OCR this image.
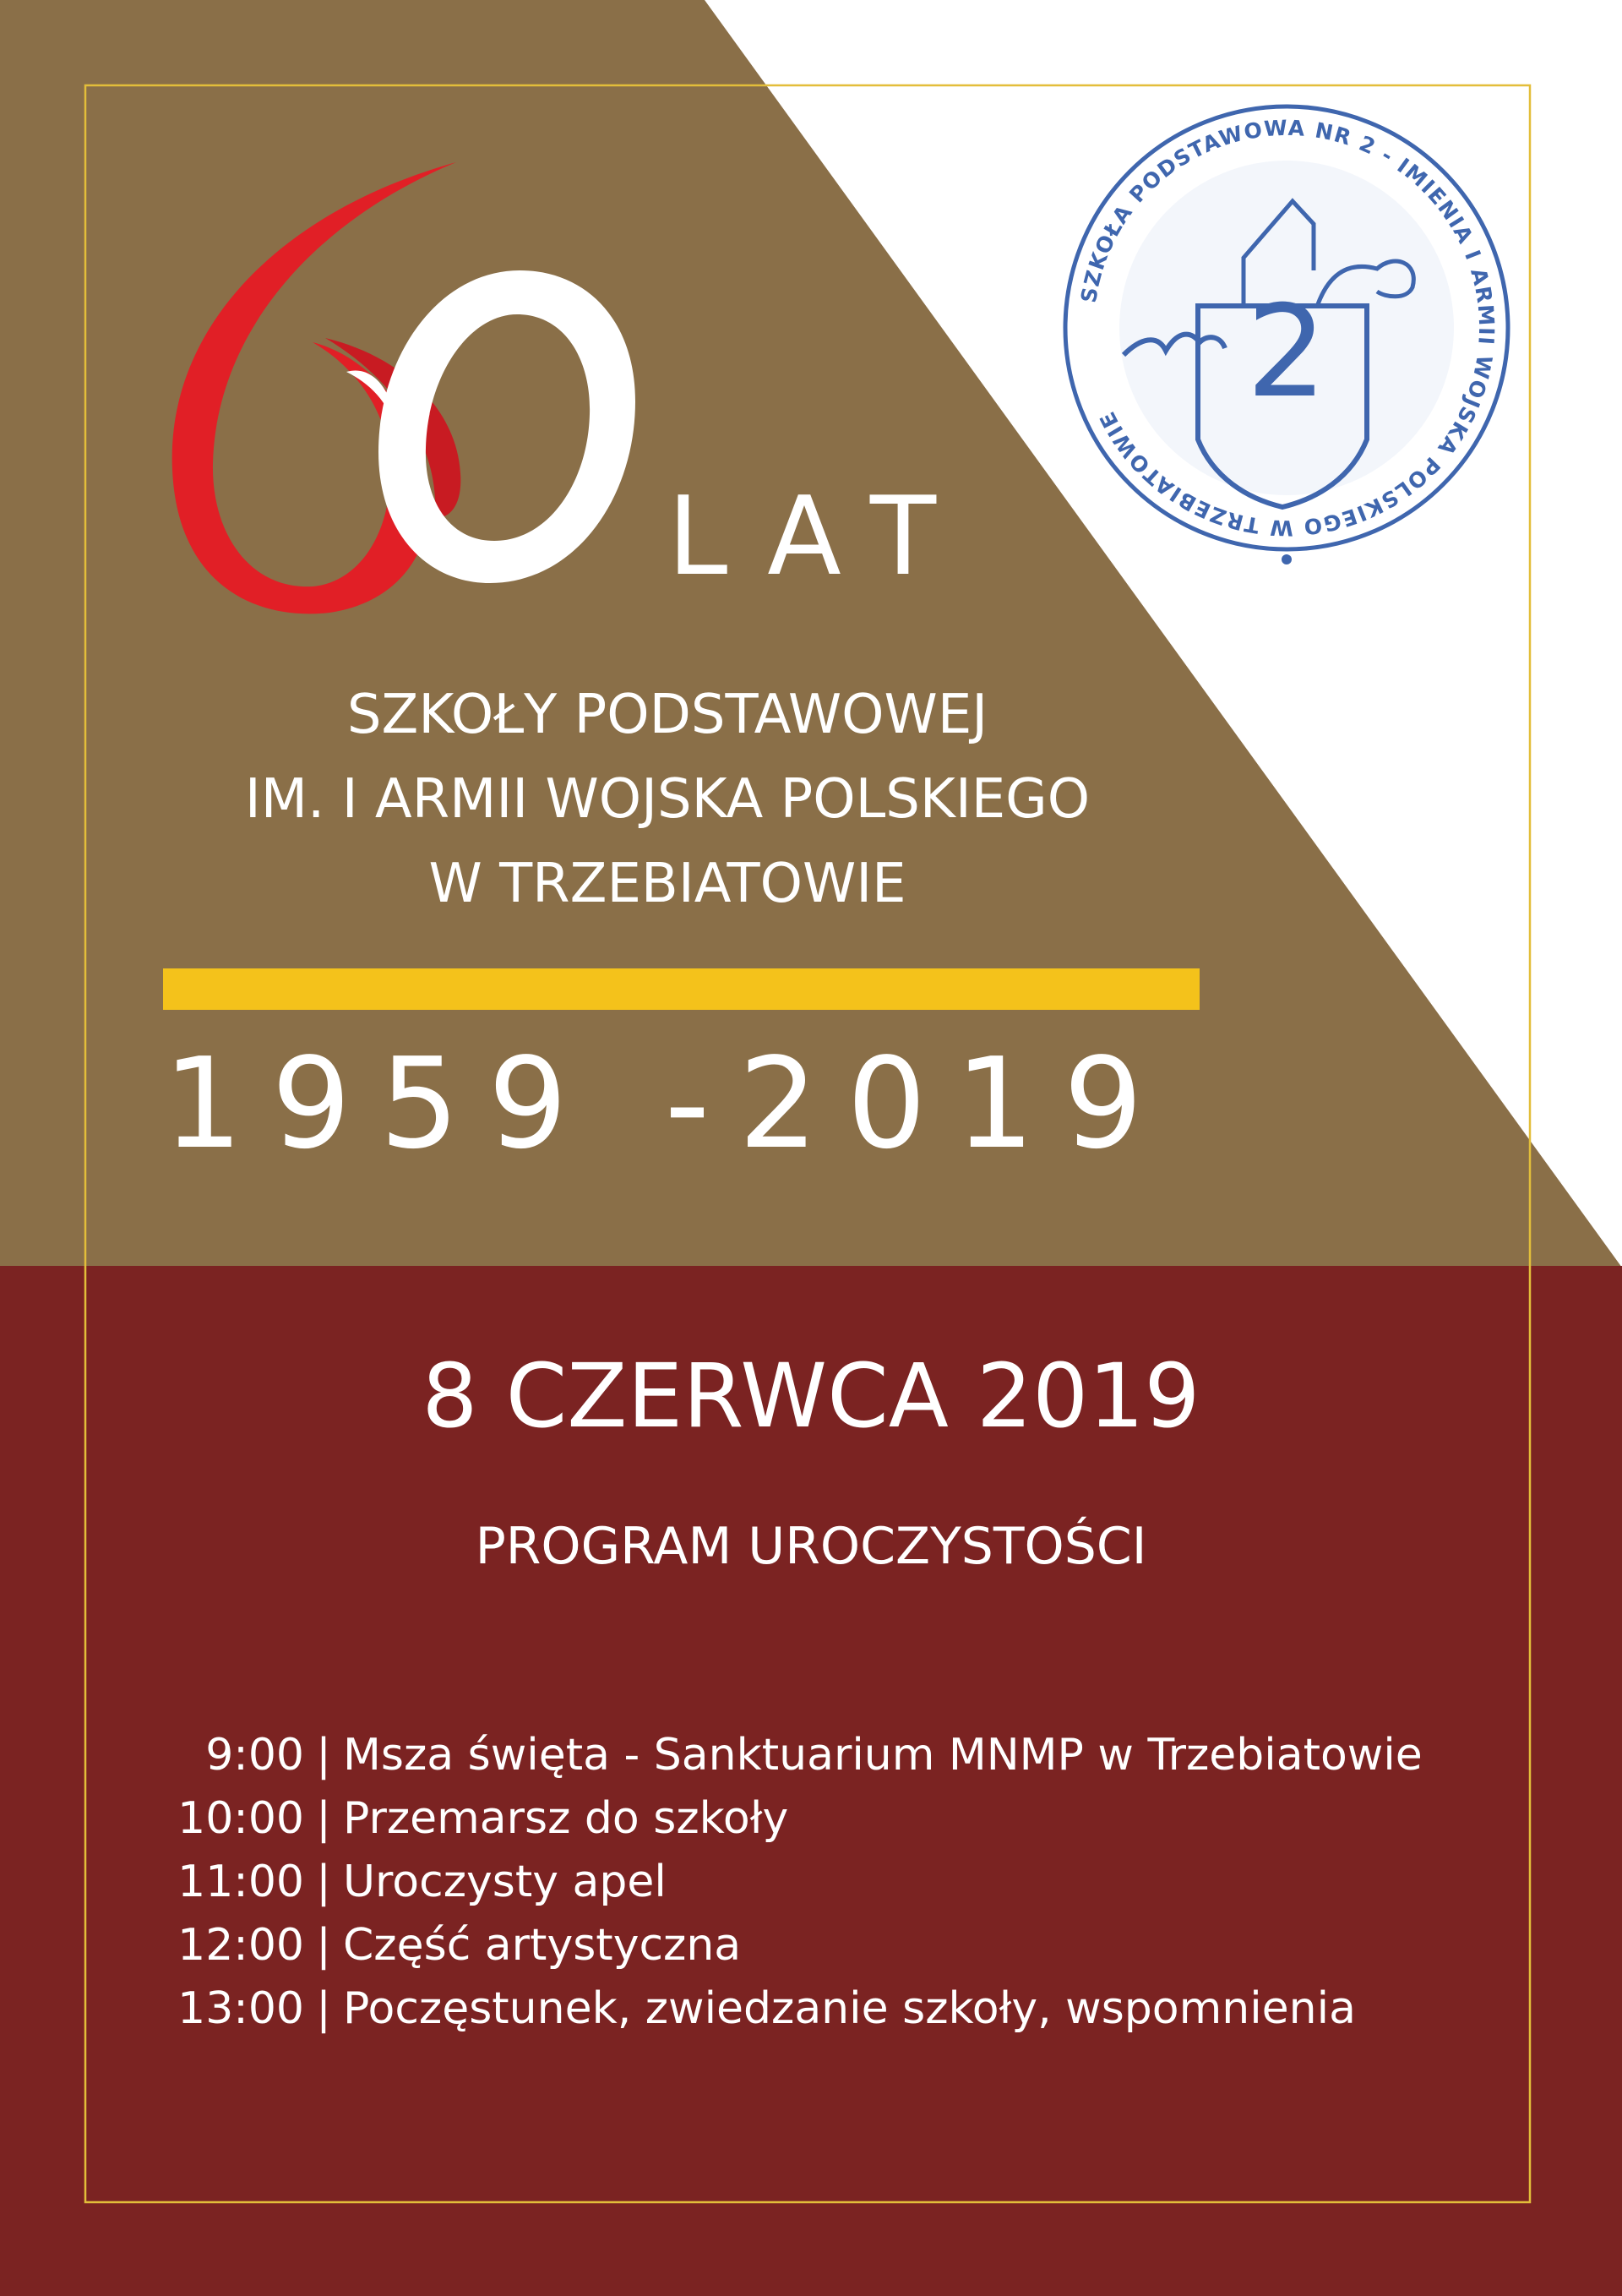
SZKOŁA PODSTAWOWA NR 2 - IMIENIA I ARMII WOJSKA POLSKIEGO W TRZEBIATOWIE 2
LAT
SZKOŁY PODSTAWOWEJ
IM. I ARMII WOJSKA POLSKIEGO
W TRZEBIATOWIE
1959 -2019
8 CZERWCA 2019
PROGRAM UROCZYSTOŚCI
9:00 | Msza święta - Sanktuarium MNMP w Trzebiatowie
10:00 | Przemarsz do szkoły
11:00 | Uroczysty apel
12:00 | Część artystyczna
13:00 | Poczęstunek, zwiedzanie szkoły, wspomnienia
